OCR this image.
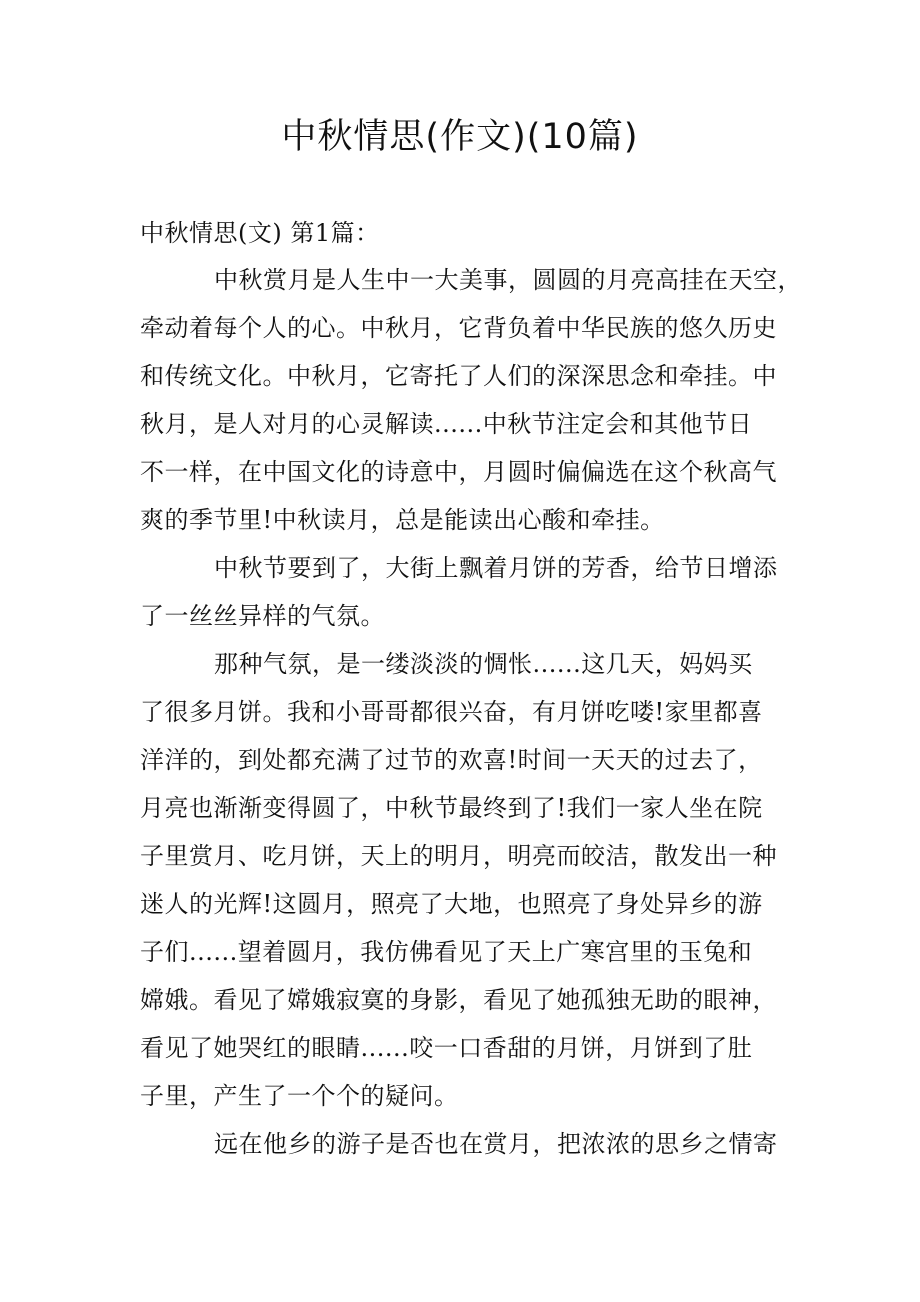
中秋情思(作文)(10篇)

中秋情思(文) 第1篇：

中秋赏月是人生中一大美事，圆圆的月亮高挂在天空，
牵动着每个人的心。中秋月，它背负着中华民族的悠久历史
和传统文化。中秋月，它寄托了人们的深深思念和牵挂。中
秋月，是人对月的心灵解读......中秋节注定会和其他节日
不一样，在中国文化的诗意中，月圆时偏偏选在这个秋高气
爽的季节里!中秋读月，总是能读出心酸和牵挂。

中秋节要到了，大街上飘着月饼的芳香，给节日增添
了一丝丝异样的气氛。

那种气氛，是一缕淡淡的惆怅......这几天，妈妈买
了很多月饼。我和小哥哥都很兴奋，有月饼吃喽!家里都喜
洋洋的，到处都充满了过节的欢喜!时间一天天的过去了，
月亮也渐渐变得圆了，中秋节最终到了!我们一家人坐在院
子里赏月、吃月饼，天上的明月，明亮而皎洁，散发出一种
迷人的光辉!这圆月，照亮了大地，也照亮了身处异乡的游
子们......望着圆月，我仿佛看见了天上广寒宫里的玉兔和
嫦娥。看见了嫦娥寂寞的身影，看见了她孤独无助的眼神，
看见了她哭红的眼睛......咬一口香甜的月饼，月饼到了肚
子里，产生了一个个的疑问。

远在他乡的游子是否也在赏月，把浓浓的思乡之情寄
